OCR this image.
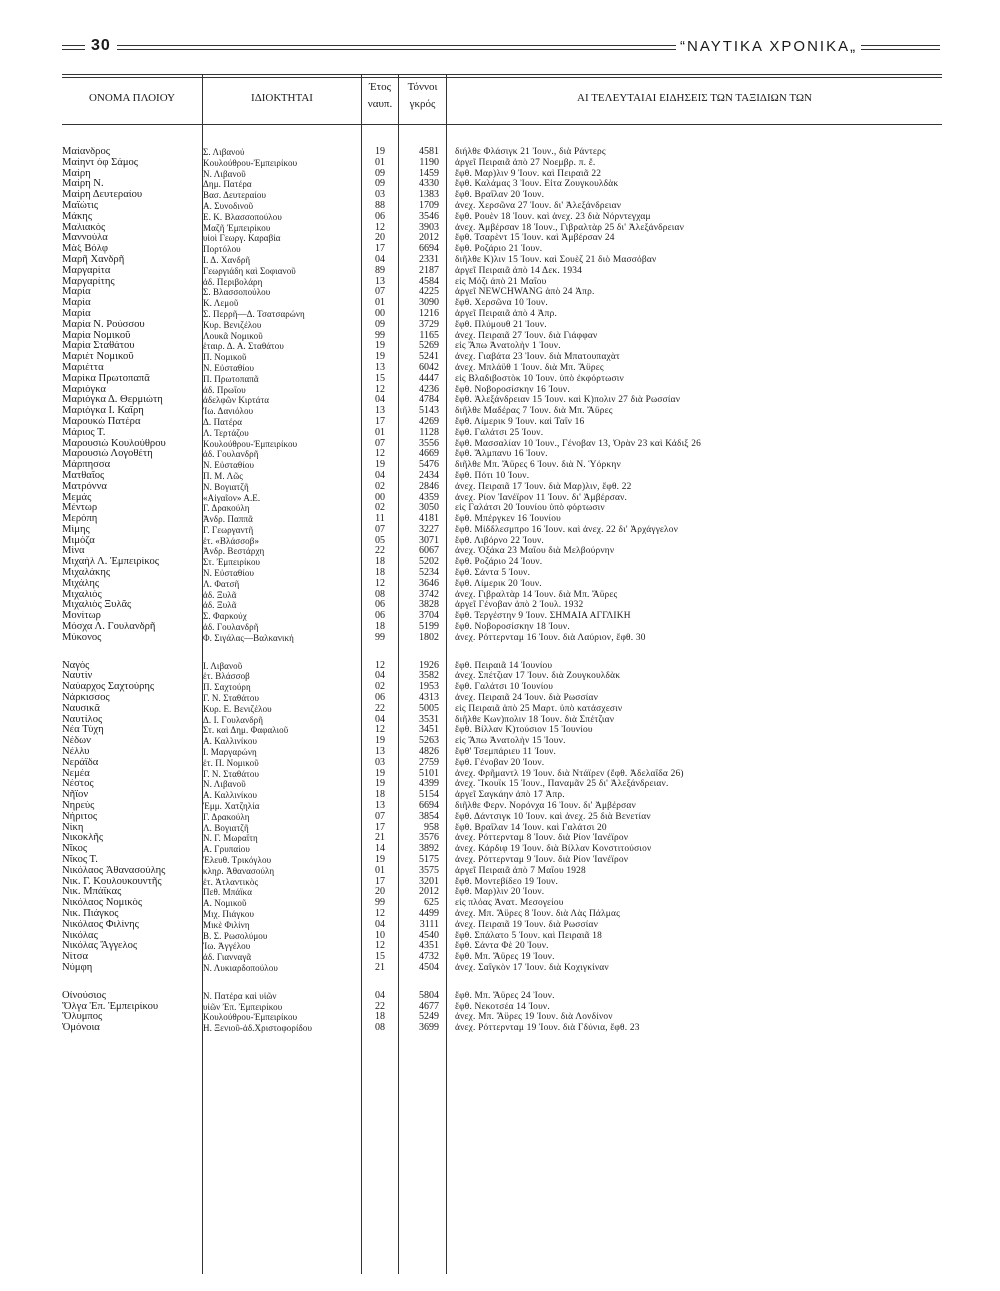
30	“ΝΑΥΤΙΚΑ ΧΡΟΝΙΚΑ„
ΟΝΟΜΑ ΠΛΟΙΟΥ	ΙΔΙΟΚΤΗΤΑΙ
Έτος
ναυπ.
Τόννοι
γκρός	ΑΙ ΤΕΛΕΥΤΑΙΑΙ ΕΙΔΗΣΕΙΣ ΤΩΝ ΤΑΞΙΔΙΩΝ ΤΩΝ
Μαίανδρος	Σ. Λιβανού	19	4581 διήλθε Φλάσιγκ 21 Ἰουν., διὰ Ράντερς
Μαίηντ όφ Σάμος	Κουλούθρου-Ἐμπειρίκου	01	1190 ἀργεῖ Πειραιᾶ ἀπὸ 27 Νοεμβρ. π. ἔ.
Μαίρη	Ν. Λιβανοῦ	09	1459 ἔφθ. Μαρ)λιν 9 Ἰουν. καὶ Πειραιᾶ 22
Μαίρη Ν.	Δημ. Πατέρα	09	4330 ἔφθ. Καλάμας 3 Ἰουν. Εἶτα Ζουγκουλδὰκ
Μαίρη Δευτεραίου	Βασ. Δευτεραίου	03	1383 ἔφθ. Βραΐλαν 20 Ἰουν.
Μαϊώτις	Α. Συνοδινοῦ	88	1709 ἀνεχ. Χερσῶνα 27 Ἰουν. δι' Ἀλεξάνδρειαν
Μάκης	Ε. Κ. Βλασσοπούλου	06	3546 ἔφθ. Ρουὲν 18 Ἰουν. καὶ ἀνεχ. 23 διὰ Νόρντεγχαμ
Μαλιακὸς	Μαζῆ Ἐμπειρίκου	12	3903 ἀνεχ. Ἀμβέρσαν 18 Ἰουν., Γιβραλτὰρ 25 δι' Ἀλεξάνδρειαν
Μαννούλα	υἱοὶ Γεωργ. Καραβία	20	2012 ἔφθ. Τσαρὲντ 15 Ἰουν. καὶ Ἀμβέρσαν 24
Μὰξ Βόλφ	Πορτόλου	17	6694 ἔφθ. Ροζάριο 21 Ἰουν.
Μαρῆ Χανδρῆ	Ι. Δ. Χανδρῆ	04	2331 διῆλθε Κ)λιν 15 Ἰουν. καὶ Σουὲζ 21 διὸ Μασσόβαν
Μαργαρίτα	Γεωργιάδη καὶ Σοφιανοῦ	89	2187 ἀργεῖ Πειραιᾶ ἀπὸ 14 Δεκ. 1934
Μαργαρίτης	ἀδ. Περιβολάρη	13	4584 εἰς Μόζι ἀπὸ 21 Μαΐου
Μαρία	Σ. Βλασσοπούλου	07	4225 ἀργεῖ NEWCHWANG ἀπὸ 24 Ἀπρ.
Μαρία	Κ. Λεμοῦ	01	3090 ἔφθ. Χερσῶνα 10 Ἰουν.
Μαρία	Σ. Περρῆ—Δ. Τσατσαρώνη	00	1216 ἀργεῖ Πειραιᾶ ἀπὸ 4 Ἀπρ.
Μαρία Ν. Ρούσσου	Κυρ. Βενιζέλου	09	3729 ἔφθ. Πλύμουθ 21 Ἰουν.
Μαρία Νομικοῦ	Λουκᾶ Νομικοῦ	99	1165 ἀνεχ. Πειραιᾶ 27 Ἰουν. διὰ Γιάφφαν
Μαρία Σταθάτου	ἑταιρ. Δ. Α. Σταθάτου	19	5269 εἰς Ἄπω Ἀνατολὴν 1 Ἰουν.
Μαριὲτ Νομικοῦ	Π. Νομικοῦ	19	5241 ἀνεχ. Γιαβάτα 23 Ἰουν. διὰ Μπατουπαχὰτ
Μαριέττα	Ν. Εὐσταθίου	13	6042 ἀνεχ. Μπλάϋθ 1 Ἰουν. διὰ Μπ. Ἄϋρες
Μαρίκα Πρωτοπαπᾶ	Π. Πρωτοπαπᾶ	15	4447 εἰς Βλαδιβοστὸκ 10 Ἰουν. ὑπὸ ἐκφόρτωσιν
Μαριόγκα	ἀδ. Πρωΐου	12	4236 ἔφθ. Νοβοροσίσκην 16 Ἰουν.
Μαριόγκα Δ. Θερμιώτη	ἀδελφῶν Κιρτάτα	04	4784 ἔφθ. Ἀλεξάνδρειαν 15 Ἰουν. καὶ Κ)πολιν 27 διὰ Ρωσσίαν
Μαριόγκα Ι. Καΐρη	Ἰω. Δανιόλου	13	5143 διῆλθε Μαδέρας 7 Ἰουν. διὰ Μπ. Ἄϋρες
Μαρουκὼ Πατέρα	Δ. Πατέρα	17	4269 ἔφθ. Λίμερικ 9 Ἰουν. καὶ Ταΐν 16
Μάριος Τ.	Λ. Τερτάζου	01	1128 ἔφθ. Γαλάτσι 25 Ἰουν.
Μαρουσιὼ Κουλούθρου	Κουλούθρου-Ἐμπειρίκου	07	3556 ἔφθ. Μασσαλίαν 10 Ἰουν., Γένοβαν 13, Ὀρὰν 23 καὶ Κάδιξ 26
Μαρουσιὼ Λογοθέτη	ἀδ. Γουλανδρῆ	12	4669 ἔφθ. Ἄλμπανυ 16 Ἰουν.
Μάρπησσα	Ν. Εὐσταθίου	19	5476 διῆλθε Μπ. Ἄϋρες 6 Ἰουν. διὰ Ν. Ὑόρκην
Ματθαῖος	Π. Μ. Λῶς	04	2434 ἔφθ. Πότι 10 Ἰουν.
Ματρόννα	Ν. Βογιατζῆ	02	2846 ἀνεχ. Πειραιᾶ 17 Ἰουν. διὰ Μαρ)λιν, ἔφθ. 22
Μεμάς	«Αἰγαῖον» Α.Ε.	00	4359 ἀνεχ. Ρίον Ἰανέϊρον 11 Ἰουν. δι' Ἀμβέρσαν.
Μέντωρ	Γ. Δρακούλη	02	3050 εἰς Γαλάτσι 20 Ἰουνίου ὑπὸ φόρτωσιν
Μερόπη	Ἀνδρ. Παππᾶ	11	4181 ἔφθ. Μπέργκεν 16 Ἰουνίου
Μίμης	Γ. Γεωργαντῆ	07	3227 ἔφθ. Μίδδλεσμπρο 16 Ἰουν. καὶ ἀνεχ. 22 δι' Ἀρχάγγελον
Μιμόζα	ἑτ. «Βλάσσοβ»	05	3071 ἔφθ. Λιβόρνο 22 Ἰουν.
Μίνα	Ἀνδρ. Βεστάρχη	22	6067 ἀνεχ. Ὀξάκα 23 Μαΐου διὰ Μελβούρνην
Μιχαὴλ Λ. Ἐμπειρίκος	Στ. Ἐμπειρίκου	18	5202 ἔφθ. Ροζάριο 24 Ἰουν.
Μιχαλάκης	Ν. Εὐσταθίου	18	5234 ἔφθ. Σάντα 5 Ἰουν.
Μιχάλης	Λ. Φατσῆ	12	3646 ἔφθ. Λίμερικ 20 Ἰουν.
Μιχαλιός	ἀδ. Ξυλᾶ	08	3742 ἀνεχ. Γιβραλτὰρ 14 Ἰουν. διὰ Μπ. Ἄϋρες
Μιχαλιὸς Ξυλᾶς	ἀδ. Ξυλᾶ	06	3828 ἀργεῖ Γένοβαν ἀπὸ 2 Ἰουλ. 1932
Μονίτωρ	Σ. Φαρκούχ	06	3704 ἔφθ. Τεργέστην 9 Ἰουν. ΣΗΜΑΙΑ ΑΓΓΛΙΚΗ
Μόσχα Λ. Γουλανδρῆ	ἀδ. Γουλανδρῆ	18	5199 ἔφθ. Νοβοροσίσκην 18 Ἰουν.
Μύκονος	Φ. Σιγάλας—Βαλκανική	99	1802 ἀνεχ. Ρόττερνταμ 16 Ἰουν. διὰ Λαύριον, ἔφθ. 30
Ναγός	Ι. Λιβανοῦ	12	1926 ἔφθ. Πειραιᾶ 14 Ἰουνίου
Ναυτὶν	ἑτ. Βλάσσοβ	04	3582 ἀνεχ. Σπέτζιαν 17 Ἰουν. διὰ Ζουγκουλδὰκ
Ναύαρχος Σαχτούρης	Π. Σαχτούρη	02	1953 ἔφθ. Γαλάτσι 10 Ἰουνίου
Νάρκισσος	Γ. Ν. Σταθάτου	06	4313 ἀνεχ. Πειραιᾶ 24 Ἰουν. διὰ Ρωσσίαν
Ναυσικᾶ	Κυρ. Ε. Βενιζέλου	22	5005 εἰς Πειραιᾶ ἀπὸ 25 Μαρτ. ὑπὸ κατάσχεσιν
Ναυτίλος	Δ. Ι. Γουλανδρῆ	04	3531 διῆλθε Κων)πολιν 18 Ἰουν. διὰ Σπέτζιαν
Νέα Τύχη	Στ. καὶ Δημ. Φαφαλιοῦ	12	3451 ἔφθ. Βίλλαν Κ)τούσιον 15 Ἰουνίου
Νέδων	Α. Καλλινίκου	19	5263 εἰς Ἄπω Ἀνατολὴν 15 Ἰουν.
Νέλλυ	Ι. Μαργαρώνη	13	4826 ἔφθ' Τσεμπάριευ 11 Ἰουν.
Νεράϊδα	ἑτ. Π. Νομικοῦ	03	2759 ἔφθ. Γένοβαν 20 Ἰουν.
Νεμέα	Γ. Ν. Σταθάτου	19	5101 ἀνεχ. Φρῆμαντλ 19 Ἰουν. διὰ Ντάϊρεν (ἔφθ. Ἀδελαΐδα 26)
Νέστος	Ν. Λιβανοῦ	19	4399 ἀνεχ. Ἴκουϊκ 15 Ἰουν., Παναμᾶν 25 δι' Ἀλεξάνδρειαν.
Νῆϊον	Α. Καλλινίκου	18	5154 ἀργεῖ Σαγκάην ἀπὸ 17 Ἀπρ.
Νηρεὺς	Ἐμμ. Χατζηλία	13	6694 διῆλθε Φερν. Νορόνχα 16 Ἰουν. δι' Ἀμβέρσαν
Νήριτος	Γ. Δρακούλη	07	3854 ἔφθ. Δάντσιγκ 10 Ἰουν. καὶ ἀνεχ. 25 διὰ Βενετίαν
Νίκη	Λ. Βογιατζῆ	17	958 ἔφθ. Βραΐλαν 14 Ἰουν. καὶ Γαλάτσι 20
Νικοκλῆς	Ν. Γ. Μωραΐτη	21	3576 ἀνεχ. Ρόττερνταμ 8 Ἰουν. διὰ Ρίον Ἰανέϊρον
Νῖκος	Α. Γρυπαίου	14	3892 ἀνεχ. Κάρδιφ 19 Ἰουν. διὰ Βίλλαν Κονστιτούσιον
Νῖκος Τ.	Ἐλευθ. Τρικόγλου	19	5175 ἀνεχ. Ρόττερνταμ 9 Ἰουν. διὰ Ρίον Ἰανέϊρον
Νικόλαος Ἀθανασούλης	κληρ. Ἀθανασούλη	01	3575 ἀργεῖ Πειραιᾶ ἀπὸ 7 Μαΐου 1928
Νικ. Γ. Κουλουκουντῆς	ἑτ. Ἀτλαντικὸς	17	3201 ἔφθ. Μοντεβίδεο 19 Ἰουν.
Νικ. Μπάϊκας	Πεθ. Μπάϊκα	20	2012 ἔφθ. Μαρ)λιν 20 Ἰουν.
Νικόλαος Νομικὸς	Α. Νομικοῦ	99	625 εἰς πλόας Ἀνατ. Μεσογείου
Νικ. Πιάγκος	Μιχ. Πιάγκου	12	4499 ἀνεχ. Μπ. Ἄϋρες 8 Ἰουν. διὰ Λὰς Πάλμας
Νικόλαος Φιλίνης	Μικὲ Φιλίνη	04	3111 ἀνεχ. Πειραιᾶ 19 Ἰουν. διὰ Ρωσσίαν
Νικόλας	Β. Σ. Ρωσολύμου	10	4540 ἔφθ. Σπάλατο 5 Ἰουν. καὶ Πειραιᾶ 18
Νικόλας Ἄγγελος	Ἰω. Ἀγγέλου	12	4351 ἔφθ. Σάντα Φὲ 20 Ἰουν.
Νίτσα	ἀδ. Γιανναγᾶ	15	4732 ἔφθ. Μπ. Ἄϋρες 19 Ἰουν.
Νύμφη	Ν. Λυκιαρδοπούλου	21	4504 ἀνεχ. Σαΐγκὸν 17 Ἰουν. διὰ Κοχιγκίναν
Οἰνούσιος	Ν. Πατέρα καὶ υἱῶν	04	5804 ἔφθ. Μπ. Ἄϋρες 24 Ἰουν.
Ὄλγα Ἐπ. Ἐμπειρίκου	υἱῶν Ἐπ. Ἐμπειρίκου	22	4677 ἔφθ. Νεκοτσέα 14 Ἰουν.
Ὄλυμπος	Κουλούθρου-Ἐμπειρίκου	18	5249 ἀνεχ. Μπ. Ἄϋρες 19 Ἰουν. διὰ Λονδίνον
Ὁμόνοια	Η. Ξενιοῦ-ἀδ.Χριστοφορίδου	08	3699 ἀνεχ. Ρόττερνταμ 19 Ἰουν. διὰ Γδύνια, ἔφθ. 23
